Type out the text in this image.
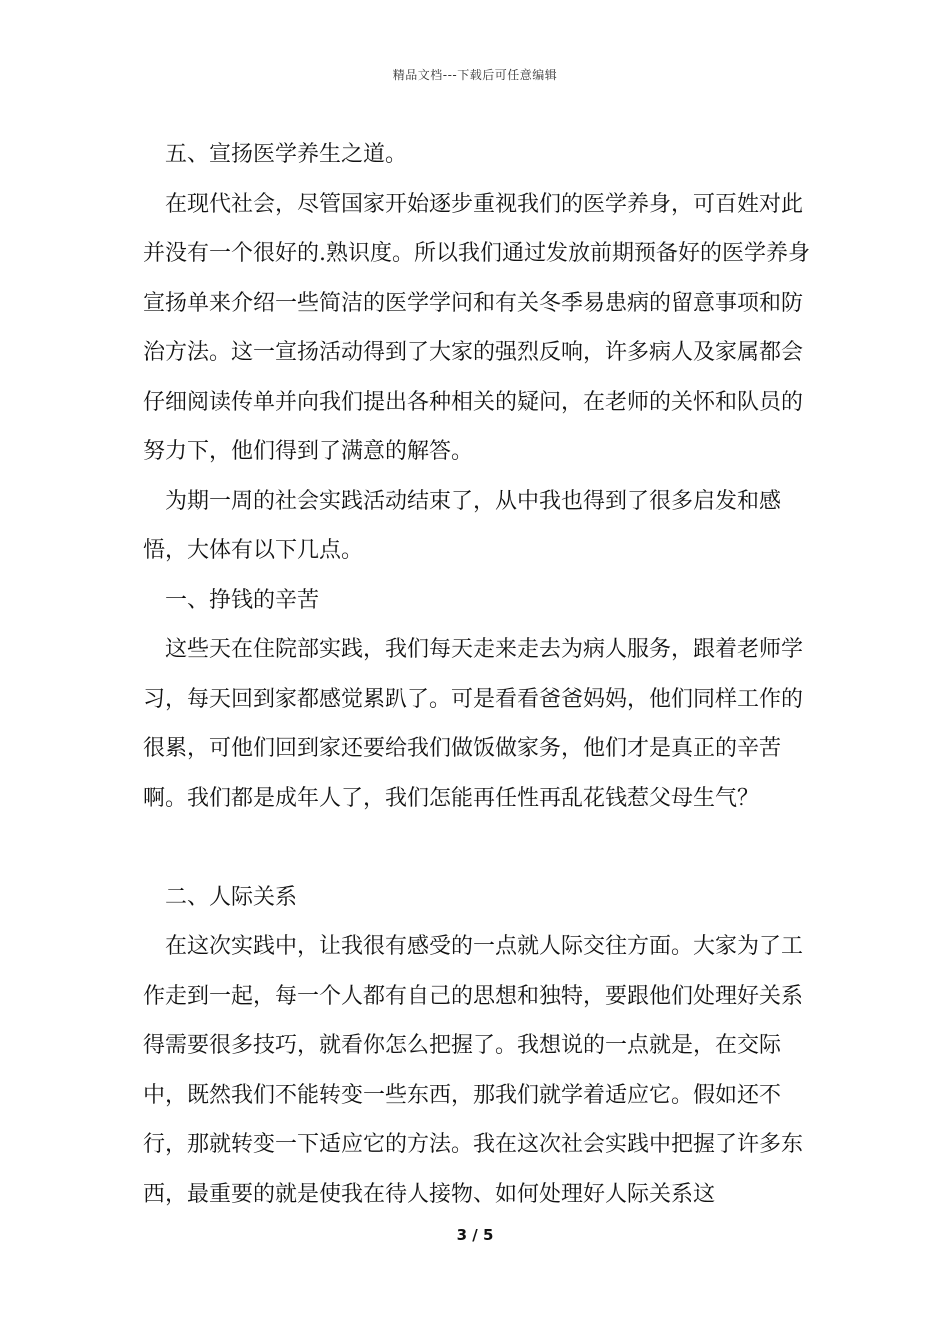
精品文档---下载后可任意编辑

五、宣扬医学养生之道。

在现代社会，尽管国家开始逐步重视我们的医学养身，可百姓对此并没有一个很好的.熟识度。所以我们通过发放前期预备好的医学养身宣扬单来介绍一些简洁的医学学问和有关冬季易患病的留意事项和防治方法。这一宣扬活动得到了大家的强烈反响，许多病人及家属都会仔细阅读传单并向我们提出各种相关的疑问，在老师的关怀和队员的努力下，他们得到了满意的解答。

为期一周的社会实践活动结束了，从中我也得到了很多启发和感悟，大体有以下几点。

一、挣钱的辛苦

这些天在住院部实践，我们每天走来走去为病人服务，跟着老师学习，每天回到家都感觉累趴了。可是看看爸爸妈妈，他们同样工作的很累，可他们回到家还要给我们做饭做家务，他们才是真正的辛苦啊。我们都是成年人了，我们怎能再任性再乱花钱惹父母生气？

二、人际关系

在这次实践中，让我很有感受的一点就人际交往方面。大家为了工作走到一起，每一个人都有自己的思想和独特，要跟他们处理好关系得需要很多技巧，就看你怎么把握了。我想说的一点就是，在交际中，既然我们不能转变一些东西，那我们就学着适应它。假如还不行，那就转变一下适应它的方法。我在这次社会实践中把握了许多东西，最重要的就是使我在待人接物、如何处理好人际关系这

3 / 5
